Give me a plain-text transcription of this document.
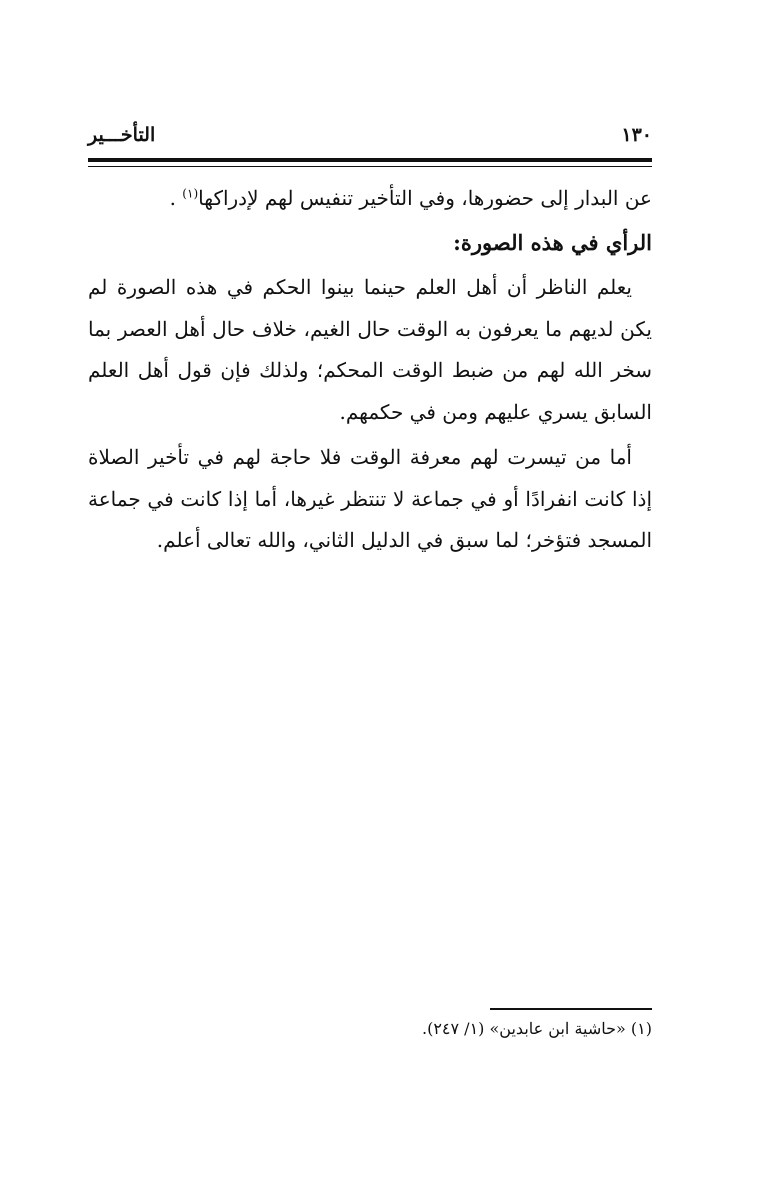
١٣٠
التأخـــير

عن البدار إلى حضورها، وفي التأخير تنفيس لهم لإدراكها$^{(١)}$ .

الرأي في هذه الصورة:

يعلم الناظر أن أهل العلم حينما بينوا الحكم في هذه الصورة لم يكن لديهم ما يعرفون به الوقت حال الغيم، خلاف حال أهل العصر بما سخر الله لهم من ضبط الوقت المحكم؛ ولذلك فإن قول أهل العلم السابق يسري عليهم ومن في حكمهم.

أما من تيسرت لهم معرفة الوقت فلا حاجة لهم في تأخير الصلاة إذا كانت انفرادًا أو في جماعة لا تنتظر غيرها، أما إذا كانت في جماعة المسجد فتؤخر؛ لما سبق في الدليل الثاني، والله تعالى أعلم.

(١) «حاشية ابن عابدين» (١/ ٢٤٧).
